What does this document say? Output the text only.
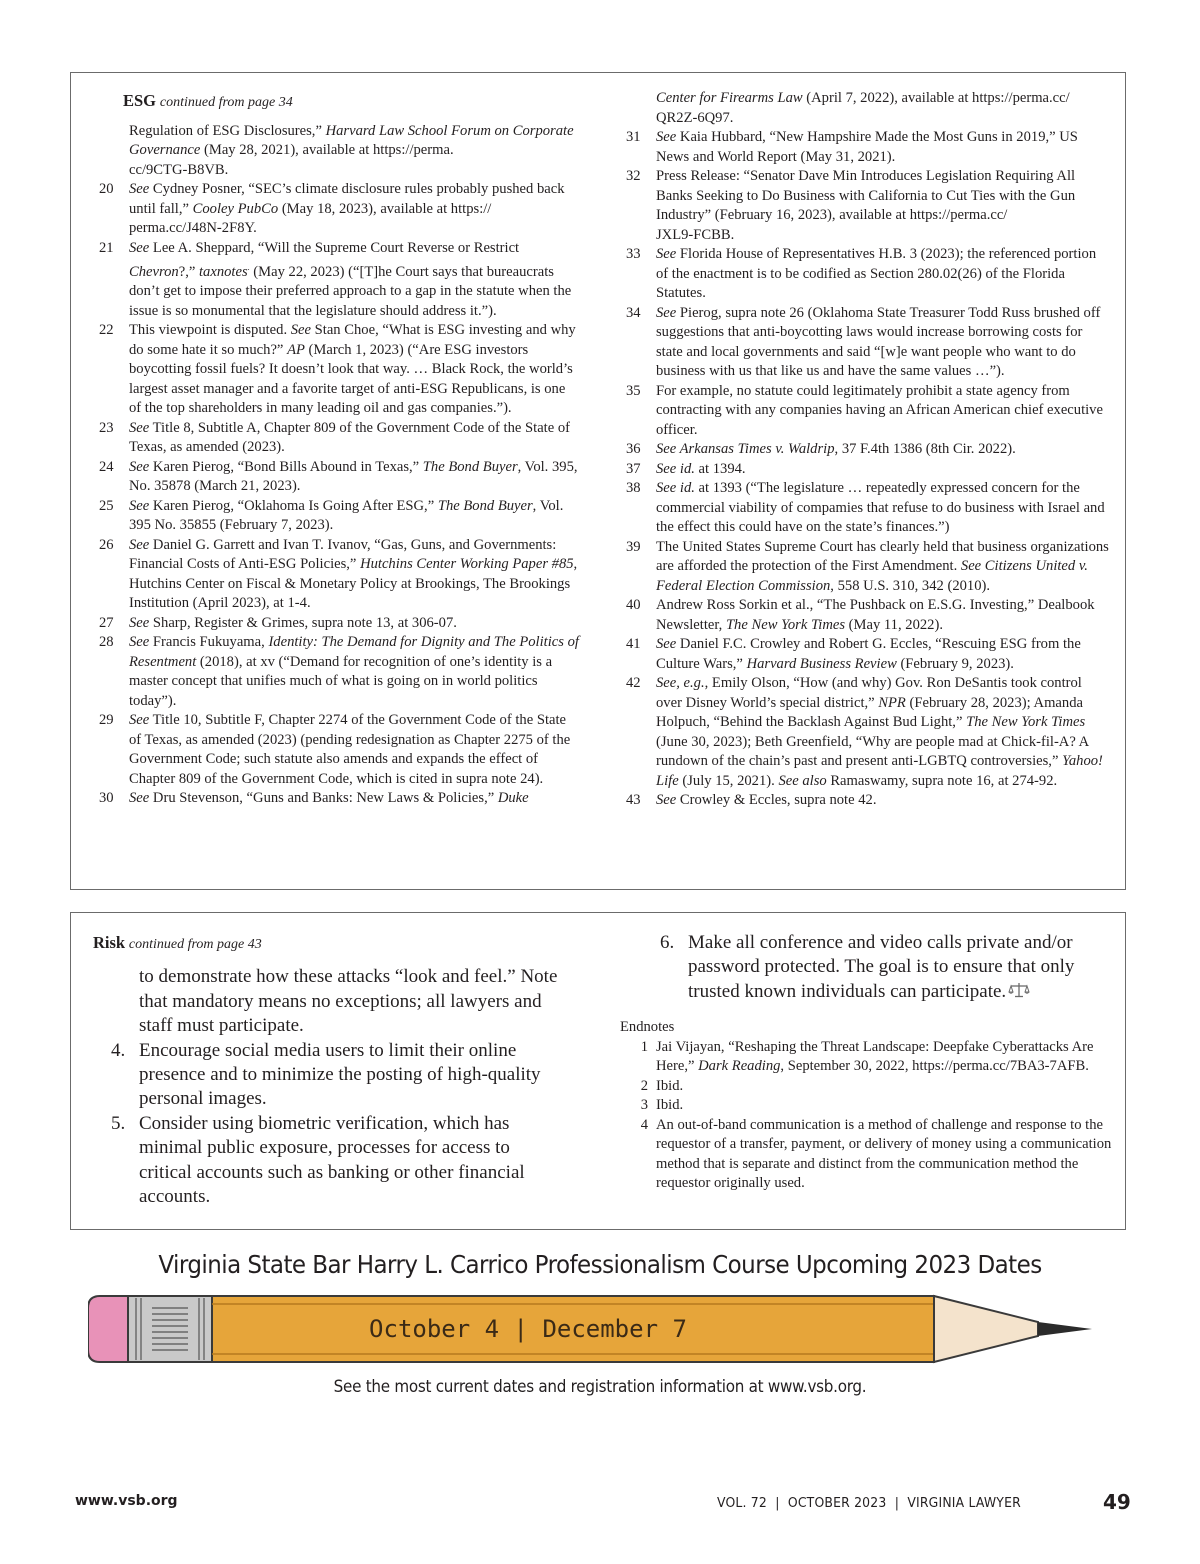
ESG continued from page 34
Regulation of ESG Disclosures,” Harvard Law School Forum on Corporate Governance (May 28, 2021), available at https://perma.
cc/9CTG-B8VB.
20	See Cydney Posner, “SEC’s climate disclosure rules probably pushed back until fall,” Cooley PubCo (May 18, 2023), available at https://
perma.cc/J48N-2F8Y.
21	See Lee A. Sheppard, “Will the Supreme Court Reverse or Restrict Chevron?,” taxnotes. (May 22, 2023) (“[T]he Court says that bureaucrats don’t get to impose their preferred approach to a gap in the statute when the issue is so monumental that the legislature should address it.”).
22	This viewpoint is disputed. See Stan Choe, “What is ESG investing and why do some hate it so much?” AP (March 1, 2023) (“Are ESG investors boycotting fossil fuels? It doesn’t look that way. … Black Rock, the world’s largest asset manager and a favorite target of anti-ESG Republicans, is one of the top shareholders in many leading oil and gas companies.”).
23	See Title 8, Subtitle A, Chapter 809 of the Government Code of the State of Texas, as amended (2023).
24	See Karen Pierog, “Bond Bills Abound in Texas,” The Bond Buyer, Vol. 395, No. 35878 (March 21, 2023).
25	See Karen Pierog, “Oklahoma Is Going After ESG,” The Bond Buyer, Vol. 395 No. 35855 (February 7, 2023).
26	See Daniel G. Garrett and Ivan T. Ivanov, “Gas, Guns, and Governments: Financial Costs of Anti-ESG Policies,” Hutchins Center Working Paper #85, Hutchins Center on Fiscal & Monetary Policy at Brookings, The Brookings Institution (April 2023), at 1-4.
27	See Sharp, Register & Grimes, supra note 13, at 306-07.
28	See Francis Fukuyama, Identity: The Demand for Dignity and The Politics of Resentment (2018), at xv (“Demand for recognition of one’s identity is a master concept that unifies much of what is going on in world politics today”).
29	See Title 10, Subtitle F, Chapter 2274 of the Government Code of the State of Texas, as amended (2023) (pending redesignation as Chapter 2275 of the Government Code; such statute also amends and expands the effect of Chapter 809 of the Government Code, which is cited in supra note 24).
30	See Dru Stevenson, “Guns and Banks: New Laws & Policies,” Duke
Center for Firearms Law (April 7, 2022), available at https://perma.cc/
QR2Z-6Q97.
31	See Kaia Hubbard, “New Hampshire Made the Most Guns in 2019,” US News and World Report (May 31, 2021).
32	Press Release: “Senator Dave Min Introduces Legislation Requiring All Banks Seeking to Do Business with California to Cut Ties with the Gun Industry” (February 16, 2023), available at https://perma.cc/
JXL9-FCBB.
33	See Florida House of Representatives H.B. 3 (2023); the referenced portion of the enactment is to be codified as Section 280.02(26) of the Florida Statutes.
34	See Pierog, supra note 26 (Oklahoma State Treasurer Todd Russ brushed off suggestions that anti-boycotting laws would increase borrowing costs for state and local governments and said “[w]e want people who want to do business with us that like us and have the same values …”).
35	For example, no statute could legitimately prohibit a state agency from contracting with any companies having an African American chief executive officer.
36	See Arkansas Times v. Waldrip, 37 F.4th 1386 (8th Cir. 2022).
37	See id. at 1394.
38	See id. at 1393 (“The legislature … repeatedly expressed concern for the commercial viability of compamies that refuse to do business with Israel and the effect this could have on the state’s finances.”)
39	The United States Supreme Court has clearly held that business organizations are afforded the protection of the First Amendment. See Citizens United v. Federal Election Commission, 558 U.S. 310, 342 (2010).
40	Andrew Ross Sorkin et al., “The Pushback on E.S.G. Investing,” Dealbook Newsletter, The New York Times (May 11, 2022).
41	See Daniel F.C. Crowley and Robert G. Eccles, “Rescuing ESG from the Culture Wars,” Harvard Business Review (February 9, 2023).
42	See, e.g., Emily Olson, “How (and why) Gov. Ron DeSantis took control over Disney World’s special district,” NPR (February 28, 2023); Amanda Holpuch, “Behind the Backlash Against Bud Light,” The New York Times (June 30, 2023); Beth Greenfield, “Why are people mad at Chick-fil-A? A rundown of the chain’s past and present anti-LGBTQ controversies,” Yahoo! Life (July 15, 2021). See also Ramaswamy, supra note 16, at 274-92.
43	See Crowley & Eccles, supra note 42.
Risk continued from page 43
to demonstrate how these attacks “look and feel.” Note that mandatory means no exceptions; all lawyers and staff must participate.
4. Encourage social media users to limit their online presence and to minimize the posting of high-quality personal images.
5. Consider using biometric verification, which has minimal public exposure, processes for access to critical accounts such as banking or other financial accounts.
6. Make all conference and video calls private and/or password protected. The goal is to ensure that only trusted known individuals can participate.
Endnotes
1 Jai Vijayan, “Reshaping the Threat Landscape: Deepfake Cyberattacks Are Here,” Dark Reading, September 30, 2022, https://perma.cc/7BA3-7AFB.
2 Ibid.
3 Ibid.
4 An out-of-band communication is a method of challenge and response to the requestor of a transfer, payment, or delivery of money using a communication method that is separate and distinct from the communication method the requestor originally used.
Virginia State Bar Harry L. Carrico Professionalism Course Upcoming 2023 Dates
October 4 | December 7
See the most current dates and registration information at www.vsb.org.
www.vsb.org	VOL. 72  |  OCTOBER 2023  |  VIRGINIA LAWYER	49
